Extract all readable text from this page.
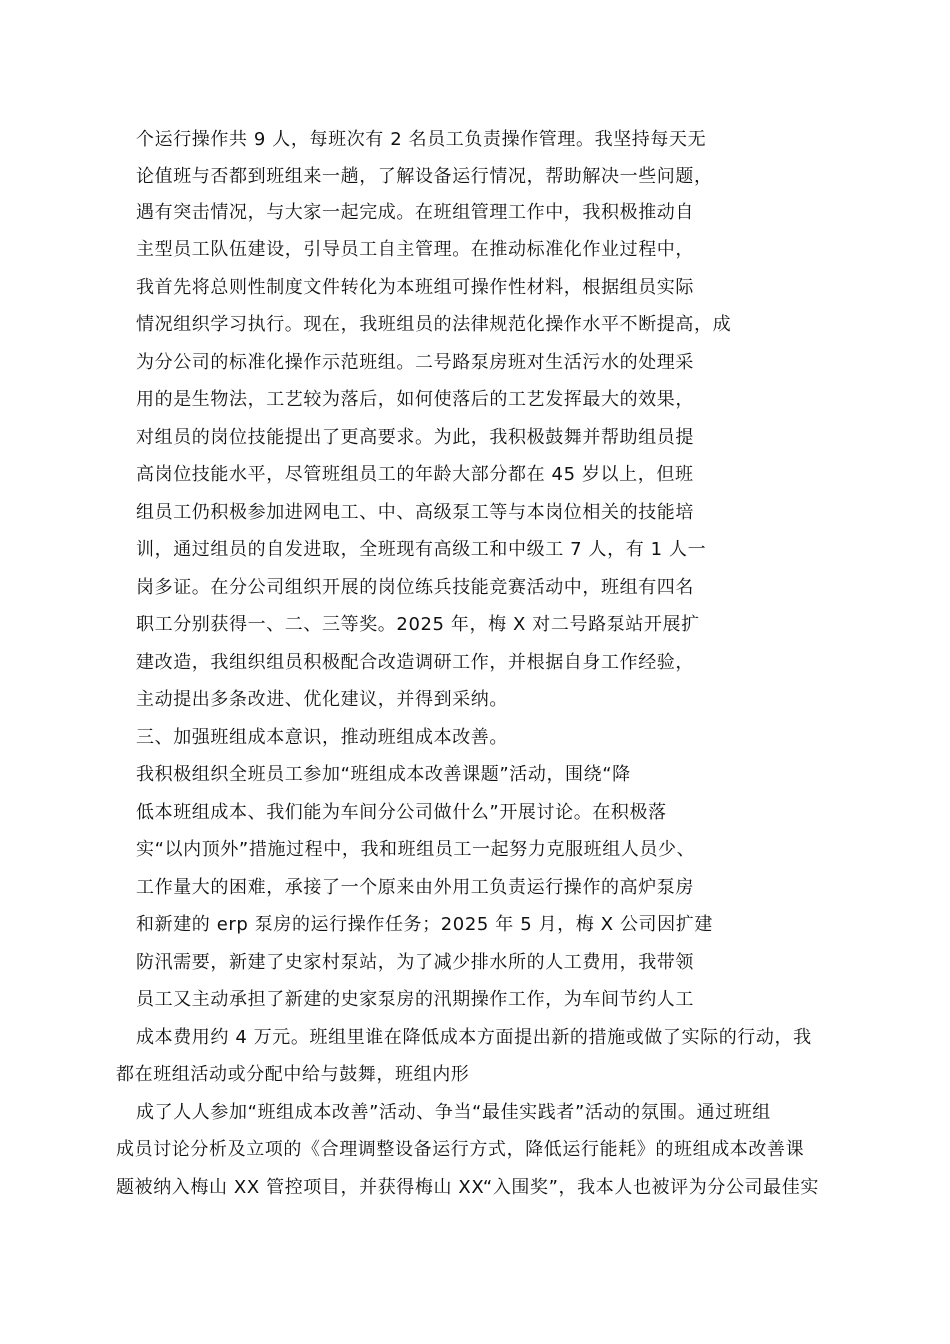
个运行操作共 9 人，每班次有 2 名员工负责操作管理。我坚持每天无
论值班与否都到班组来一趟，了解设备运行情况，帮助解决一些问题，
遇有突击情况，与大家一起完成。在班组管理工作中，我积极推动自
主型员工队伍建设，引导员工自主管理。在推动标准化作业过程中，
我首先将总则性制度文件转化为本班组可操作性材料，根据组员实际
情况组织学习执行。现在，我班组员的法律规范化操作水平不断提高，成
为分公司的标准化操作示范班组。二号路泵房班对生活污水的处理采
用的是生物法，工艺较为落后，如何使落后的工艺发挥最大的效果，
对组员的岗位技能提出了更高要求。为此，我积极鼓舞并帮助组员提
高岗位技能水平，尽管班组员工的年龄大部分都在 45 岁以上，但班
组员工仍积极参加进网电工、中、高级泵工等与本岗位相关的技能培
训，通过组员的自发进取，全班现有高级工和中级工 7 人，有 1 人一
岗多证。在分公司组织开展的岗位练兵技能竞赛活动中，班组有四名
职工分别获得一、二、三等奖。2025 年，梅 X 对二号路泵站开展扩
建改造，我组织组员积极配合改造调研工作，并根据自身工作经验，
主动提出多条改进、优化建议，并得到采纳。
三、加强班组成本意识，推动班组成本改善。
我积极组织全班员工参加“班组成本改善课题”活动，围绕“降
低本班组成本、我们能为车间分公司做什么”开展讨论。在积极落
实“以内顶外”措施过程中，我和班组员工一起努力克服班组人员少、
工作量大的困难，承接了一个原来由外用工负责运行操作的高炉泵房
和新建的 erp 泵房的运行操作任务；2025 年 5 月，梅 X 公司因扩建
防汛需要，新建了史家村泵站，为了减少排水所的人工费用，我带领
员工又主动承担了新建的史家泵房的汛期操作工作，为车间节约人工
成本费用约 4 万元。班组里谁在降低成本方面提出新的措施或做了实际的行动，我
都在班组活动或分配中给与鼓舞，班组内形
成了人人参加“班组成本改善”活动、争当“最佳实践者”活动的氛围。通过班组
成员讨论分析及立项的《合理调整设备运行方式，降低运行能耗》的班组成本改善课
题被纳入梅山 XX 管控项目，并获得梅山 XX“入围奖”，我本人也被评为分公司最佳实
